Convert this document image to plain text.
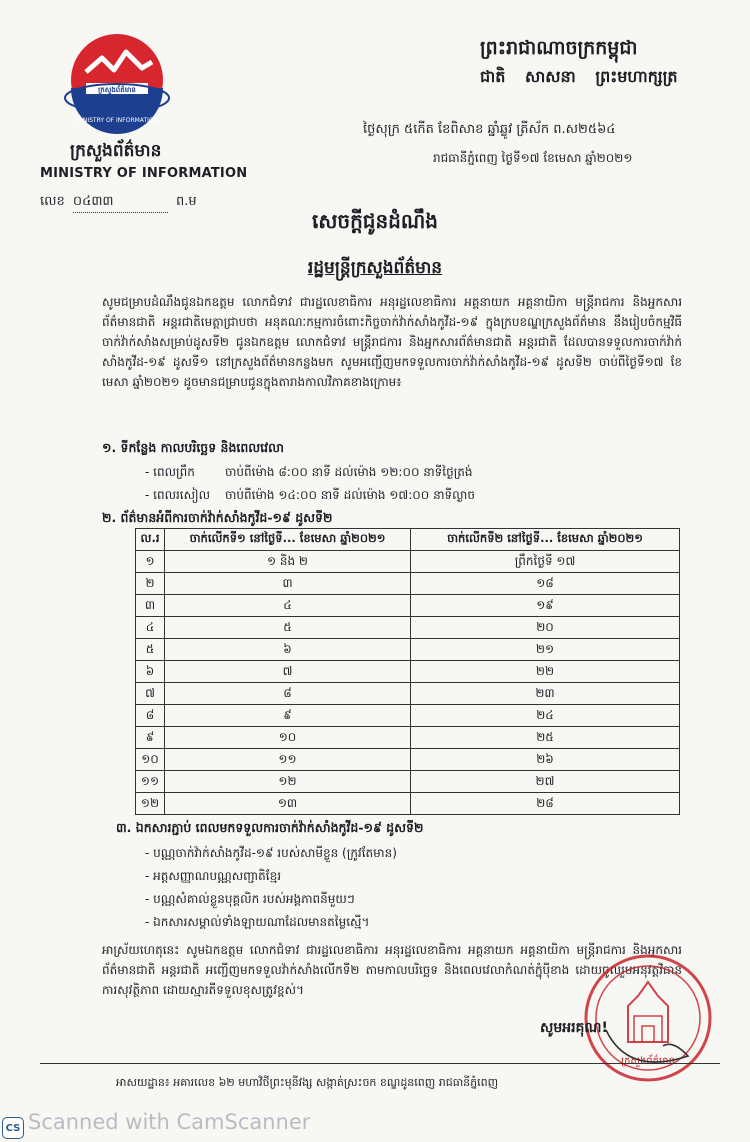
ក្រសួងព័ត៌មាន
MINISTRY OF INFORMATION
ក្រសួងព័ត៌មាន
MINISTRY OF INFORMATION
លេខ ០៤៣៣	ព.ម
ព្រះរាជាណាចក្រកម្ពុជា
ជាតិ សាសនា ព្រះមហាក្សត្រ
ថ្ងៃសុក្រ ៥កើត ខែពិសាខ ឆ្នាំឆ្លូវ ត្រីស័ក ព.ស២៥៦៤
រាជធានីភ្នំពេញ ថ្ងៃទី១៧ ខែមេសា ឆ្នាំ២០២១
សេចក្ដីជូនដំណឹង
រដ្ឋមន្ត្រីក្រសួងព័ត៌មាន
សូមជម្រាបដំណឹងជូនឯកឧត្តម លោកជំទាវ ជារដ្ឋលេខាធិការ អនុរដ្ឋលេខាធិការ អគ្គនាយក អគ្គនាយិកា មន្ត្រីរាជការ និងអ្នកសារព័ត៌មានជាតិ អន្តរជាតិមេត្តាជ្រាបថា អនុគណៈកម្មការចំពោះកិច្ចចាក់វ៉ាក់សាំងកូវីដ-១៩ ក្នុងក្របខណ្ឌក្រសួងព័ត៌មាន នឹងរៀបចំកម្មវិធីចាក់វ៉ាក់សាំងសម្រាប់ដូសទី២ ជូនឯកឧត្តម លោកជំទាវ មន្ត្រីរាជការ និងអ្នកសារព័ត៌មានជាតិ អន្តរជាតិ ដែលបានទទួលការចាក់វ៉ាក់សាំងកូវីដ-១៩ ដូសទី១ នៅក្រសួងព័ត៌មានកន្លងមក សូមអញ្ជើញមកទទួលការចាក់វ៉ាក់សាំងកូវីដ-១៩ ដូសទី២ ចាប់ពីថ្ងៃទី១៧ ខែមេសា ឆ្នាំ២០២១ ដូចមានជម្រាបជូនក្នុងតារាងកាលវិភាគខាងក្រោម៖
១. ទីកន្លែង កាលបរិច្ឆេទ និងពេលវេលា
- ពេលព្រឹក	ចាប់ពីម៉ោង ៨:០០ នាទី ដល់ម៉ោង ១២:០០ នាទីថ្ងៃត្រង់
- ពេលរសៀល ចាប់ពីម៉ោង ១៤:០០ នាទី ដល់ម៉ោង ១៧:០០ នាទីល្ងាច
២. ព័ត៌មានអំពីការចាក់វ៉ាក់សាំងកូវីដ-១៩ ដូសទី២
ល.រ	ចាក់លើកទី១ នៅថ្ងៃទី... ខែមេសា ឆ្នាំ២០២១	ចាក់លើកទី២ នៅថ្ងៃទី... ខែមេសា ឆ្នាំ២០២១
១	១ និង ២	ព្រឹកថ្ងៃទី ១៧
២	៣	១៨
៣	៤	១៩
៤	៥	២០
៥	៦	២១
៦	៧	២២
៧	៨	២៣
៨	៩	២៤
៩	១០	២៥
១០	១១	២៦
១១	១២	២៧
១២	១៣	២៨
៣. ឯកសារភ្ជាប់ ពេលមកទទួលការចាក់វ៉ាក់សាំងកូវីដ-១៩ ដូសទី២
- បណ្ណចាក់វ៉ាក់សាំងកូវីដ-១៩ របស់សាមីខ្លួន (ក្រូវតែមាន)
- អត្តសញ្ញាណបណ្ណសញ្ជាតិខ្មែរ
- បណ្ណសំគាល់ខ្លួនបុគ្គលិក របស់អង្គភាពនីមួយៗ
- ឯកសារសម្គាល់ទាំងឡាយណាដែលមានតម្លៃស្មើ។
អាស្រ័យហេតុនេះ សូមឯកឧត្តម លោកជំទាវ ជារដ្ឋលេខាធិការ អនុរដ្ឋលេខាធិការ អគ្គនាយក អគ្គនាយិកា មន្ត្រីរាជការ និងអ្នកសារព័ត៌មានជាតិ អន្តរជាតិ អញ្ជើញមកទទួលវ៉ាក់សាំងលើកទី២ តាមកាលបរិច្ឆេទ និងពេលវេលាកំណត់ក្នុំប៉ីខាង ដោយចូលរួមអនុវត្តវិធានការសុវត្ថិភាព ដោយស្មារតីទទួលខុសត្រូវខ្ពស់។
ក្រសួងព័ត៌មាន
សូមអរគុណ!
អាសយដ្ឋាន៖ អគារលេខ ៦២ មហាវិថីព្រះមុនីវង្ស សង្កាត់ស្រះចក ខណ្ឌដូនពេញ រាជធានីភ្នំពេញ
CS Scanned with CamScanner
